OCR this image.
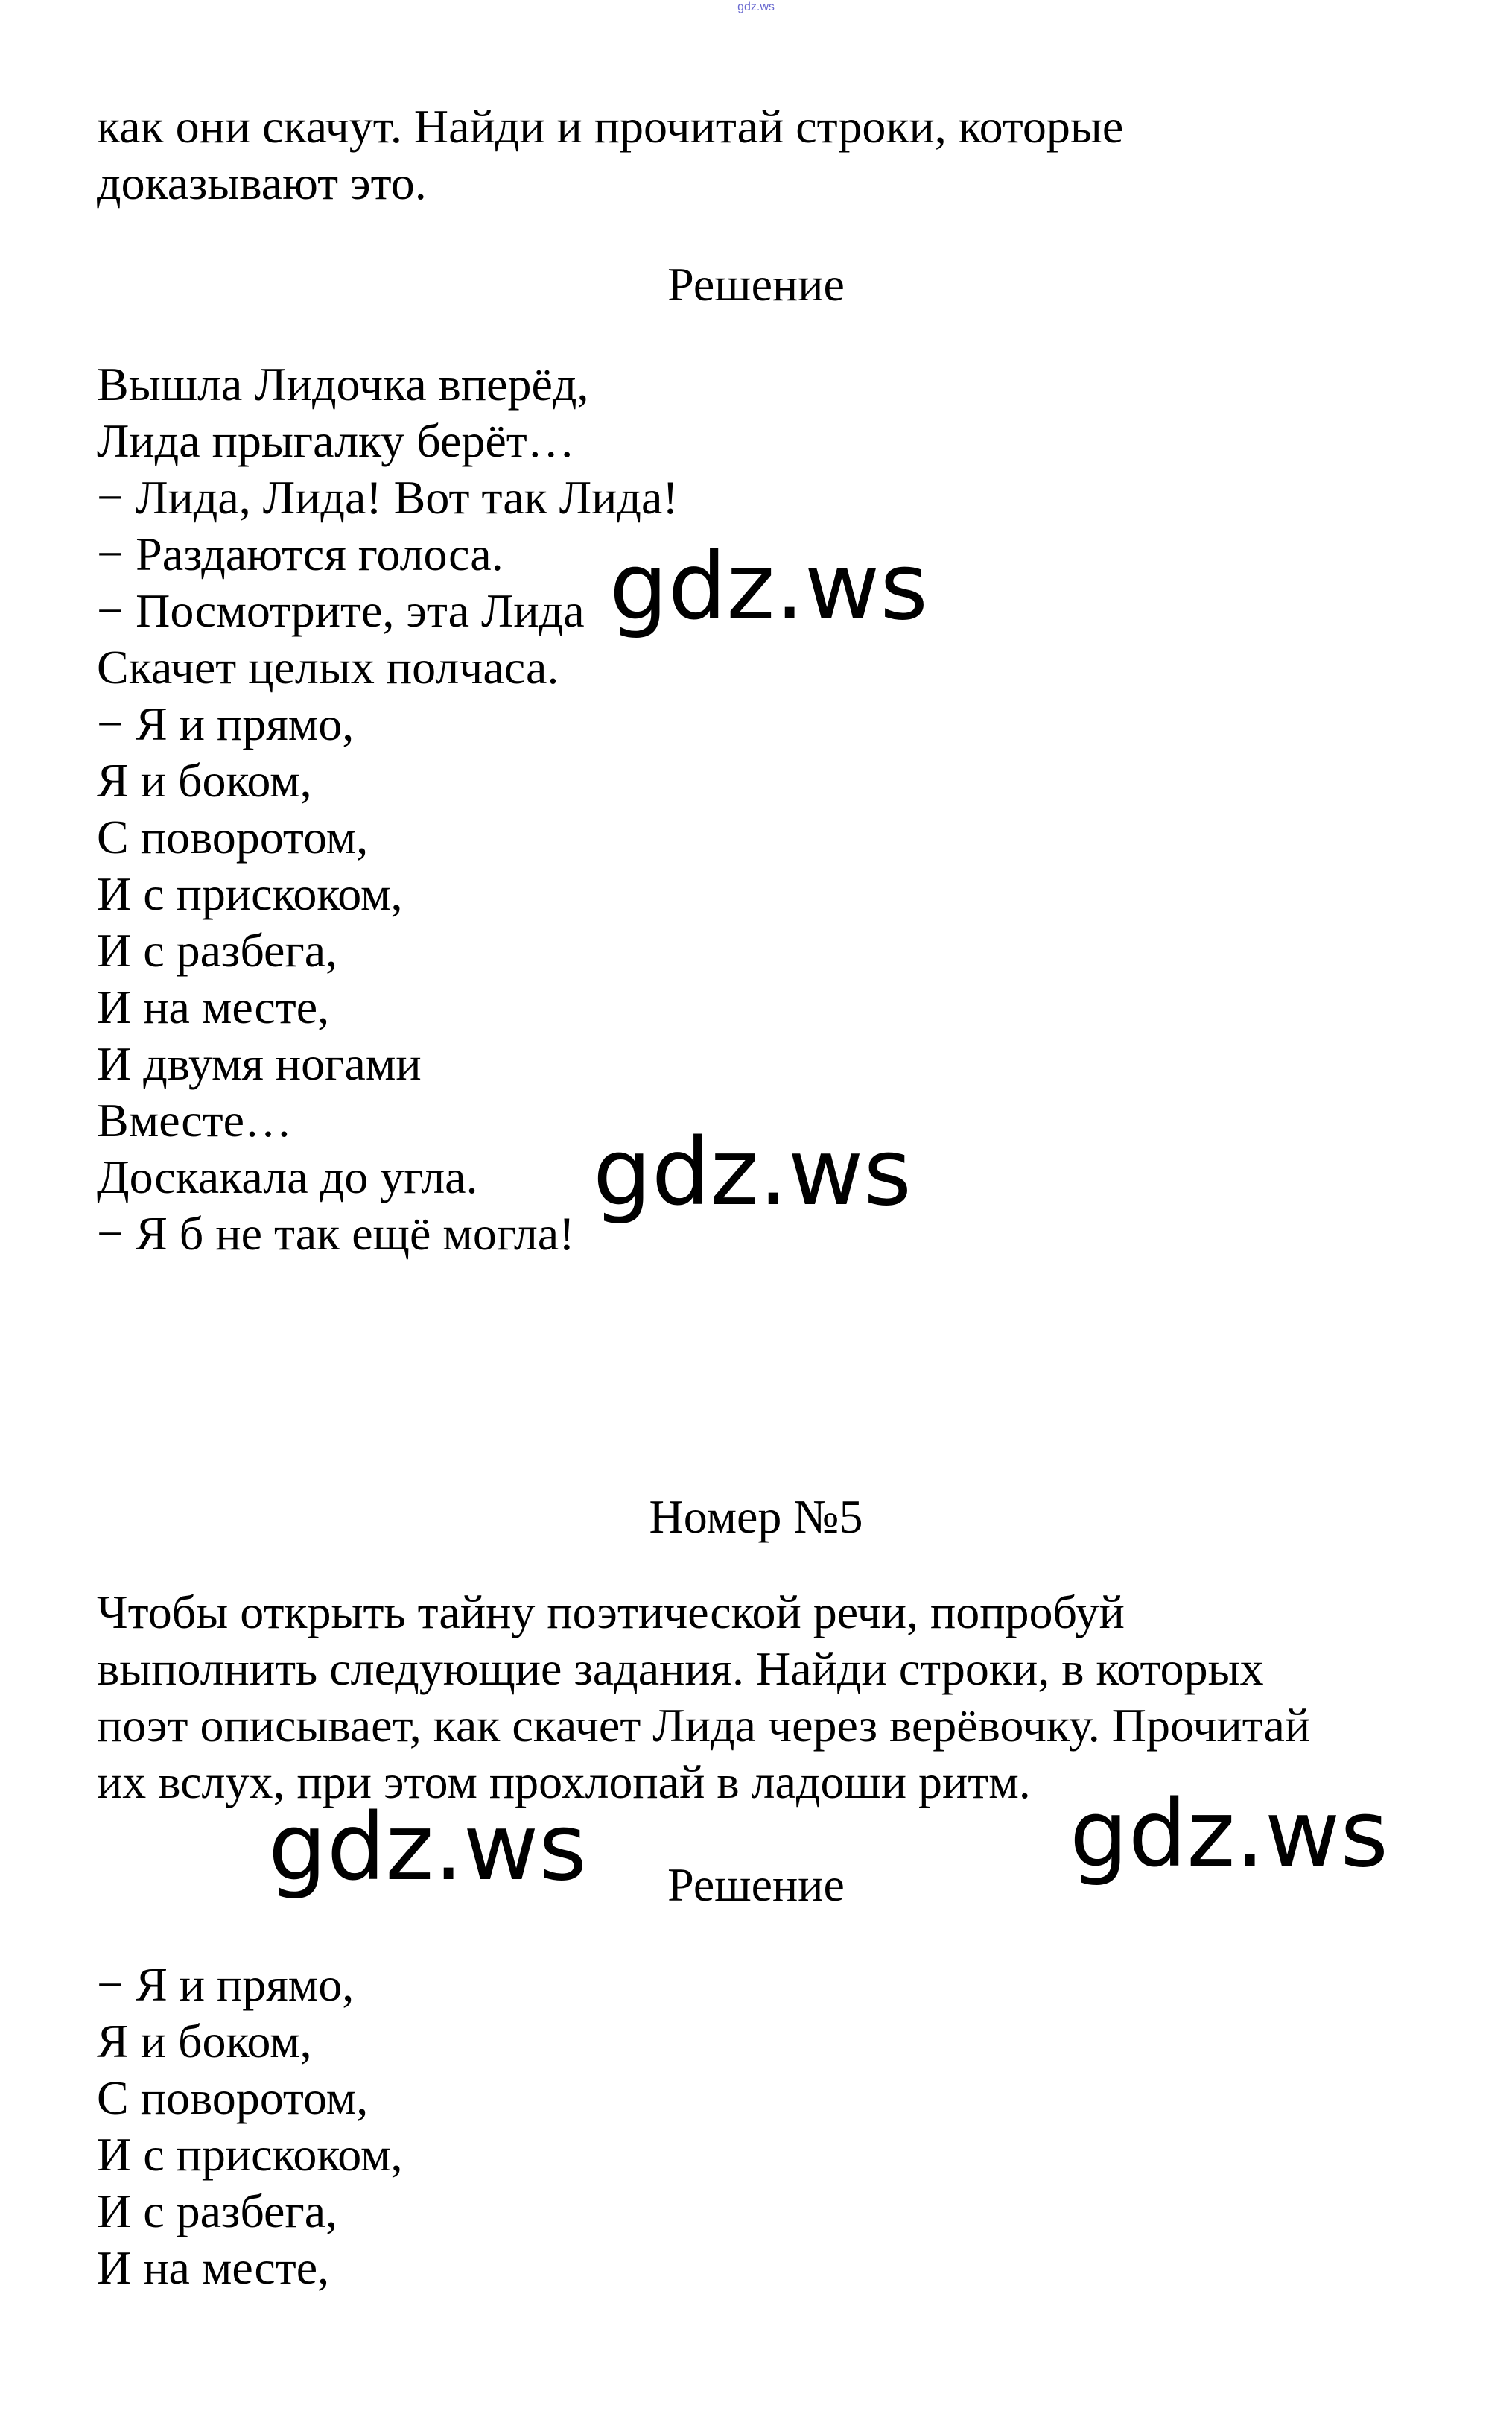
gdz.ws
как они скачут. Найди и прочитай строки, которые
доказывают это.
Решение
Вышла Лидочка вперёд,
Лида прыгалку берёт…
− Лида, Лида! Вот так Лида!
− Раздаются голоса.
− Посмотрите, эта Лида
Скачет целых полчаса.
− Я и прямо,
Я и боком,
С поворотом,
И с прискоком,
И с разбега,
И на месте,
И двумя ногами
Вместе…
Доскакала до угла.
− Я б не так ещё могла!
Номер №5
Чтобы открыть тайну поэтической речи, попробуй
выполнить следующие задания. Найди строки, в которых
поэт описывает, как скачет Лида через верёвочку. Прочитай
их вслух, при этом прохлопай в ладоши ритм.
Решение
− Я и прямо,
Я и боком,
С поворотом,
И с прискоком,
И с разбега,
И на месте,
gdz.ws
gdz.ws
gdz.ws	gdz.ws
